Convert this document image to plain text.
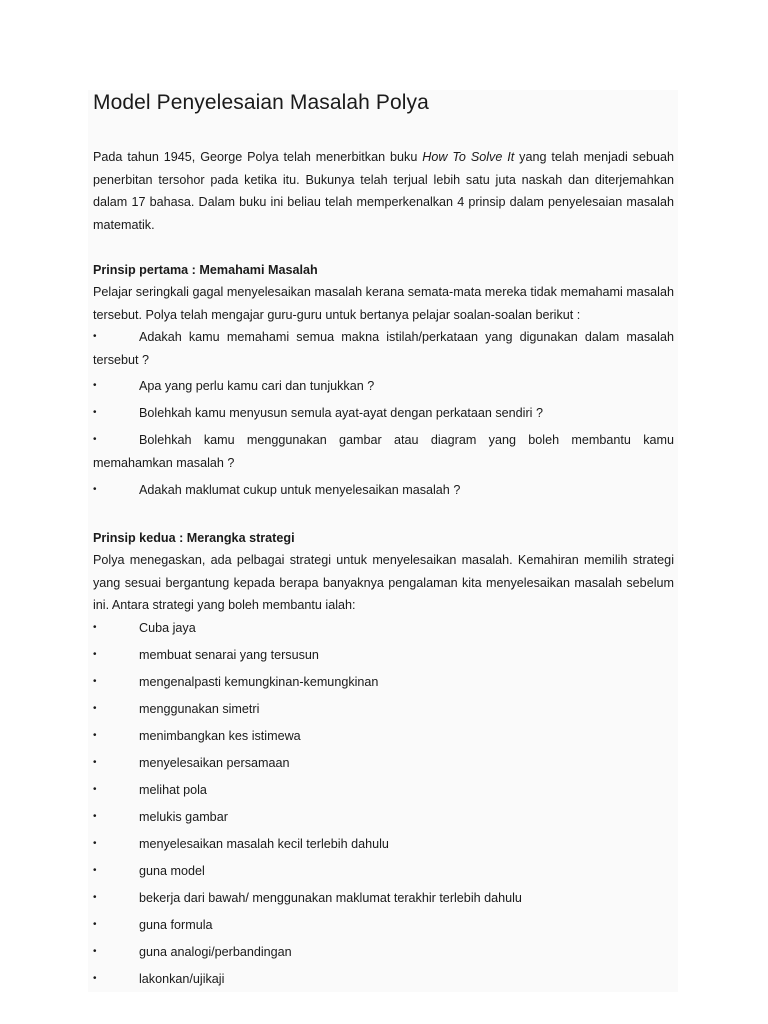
Model Penyelesaian Masalah Polya
Pada tahun 1945, George Polya telah menerbitkan buku How To Solve It yang telah menjadi sebuah penerbitan tersohor pada ketika itu. Bukunya telah terjual lebih satu juta naskah dan diterjemahkan dalam 17 bahasa. Dalam buku ini beliau telah memperkenalkan 4 prinsip dalam penyelesaian masalah matematik.
Prinsip pertama : Memahami Masalah
Pelajar seringkali gagal menyelesaikan masalah kerana semata-mata mereka tidak memahami masalah tersebut. Polya telah mengajar guru-guru untuk bertanya pelajar soalan-soalan berikut :
•	Adakah kamu memahami semua makna istilah/perkataan yang digunakan dalam masalah tersebut ?
•	Apa yang perlu kamu cari dan tunjukkan ?
•	Bolehkah kamu menyusun semula ayat-ayat dengan perkataan sendiri ?
•	Bolehkah kamu menggunakan gambar atau diagram yang boleh membantu kamu memahamkan masalah ?
•	Adakah maklumat cukup untuk menyelesaikan masalah ?
Prinsip kedua : Merangka strategi
Polya menegaskan, ada pelbagai strategi untuk menyelesaikan masalah. Kemahiran memilih strategi yang sesuai bergantung kepada berapa banyaknya pengalaman kita menyelesaikan masalah sebelum ini. Antara strategi yang boleh membantu ialah:
•	Cuba jaya
•	membuat senarai yang tersusun
•	mengenalpasti kemungkinan-kemungkinan
•	menggunakan simetri
•	menimbangkan kes istimewa
•	menyelesaikan persamaan
•	melihat pola
•	melukis gambar
•	menyelesaikan masalah kecil terlebih dahulu
•	guna model
•	bekerja dari bawah/ menggunakan maklumat terakhir terlebih dahulu
•	guna formula
•	guna analogi/perbandingan
•	lakonkan/ujikaji
